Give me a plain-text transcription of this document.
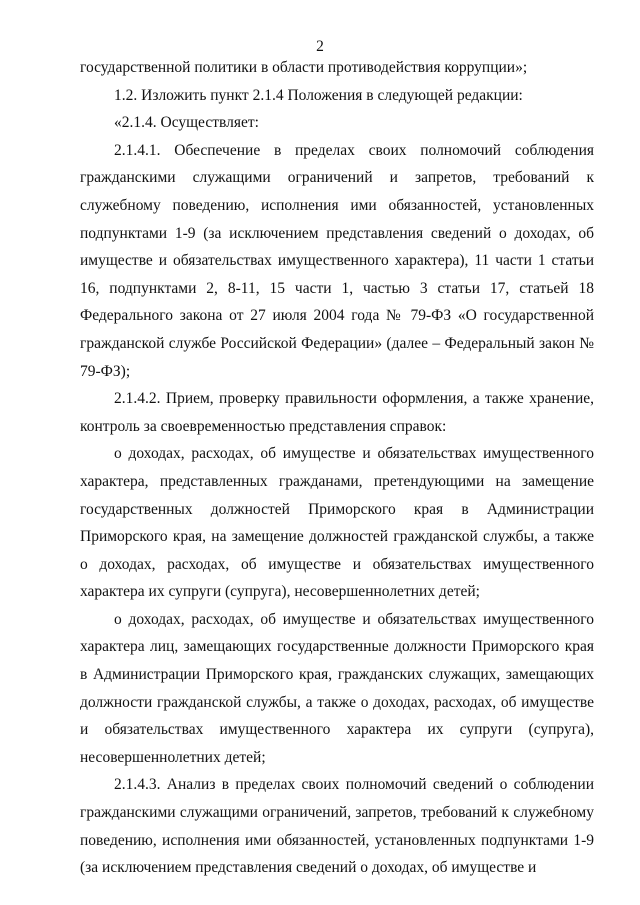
2

государственной политики в области противодействия коррупции»;

1.2. Изложить пункт 2.1.4 Положения в следующей редакции:

«2.1.4. Осуществляет:

2.1.4.1. Обеспечение в пределах своих полномочий соблюдения гражданскими служащими ограничений и запретов, требований к служебному поведению, исполнения ими обязанностей, установленных подпунктами 1-9 (за исключением представления сведений о доходах, об имуществе и обязательствах имущественного характера), 11 части 1 статьи 16, подпунктами 2, 8-11, 15 части 1, частью 3 статьи 17, статьей 18 Федерального закона от 27 июля 2004 года № 79-ФЗ «О государственной гражданской службе Российской Федерации» (далее – Федеральный закон № 79-ФЗ);

2.1.4.2. Прием, проверку правильности оформления, а также хранение, контроль за своевременностью представления справок:

о доходах, расходах, об имуществе и обязательствах имущественного характера, представленных гражданами, претендующими на замещение государственных должностей Приморского края в Администрации Приморского края, на замещение должностей гражданской службы, а также о доходах, расходах, об имуществе и обязательствах имущественного характера их супруги (супруга), несовершеннолетних детей;

о доходах, расходах, об имуществе и обязательствах имущественного характера лиц, замещающих государственные должности Приморского края в Администрации Приморского края, гражданских служащих, замещающих должности гражданской службы, а также о доходах, расходах, об имуществе и обязательствах имущественного характера их супруги (супруга), несовершеннолетних детей;

2.1.4.3. Анализ в пределах своих полномочий сведений о соблюдении гражданскими служащими ограничений, запретов, требований к служебному поведению, исполнения ими обязанностей, установленных подпунктами 1-9 (за исключением представления сведений о доходах, об имуществе и
